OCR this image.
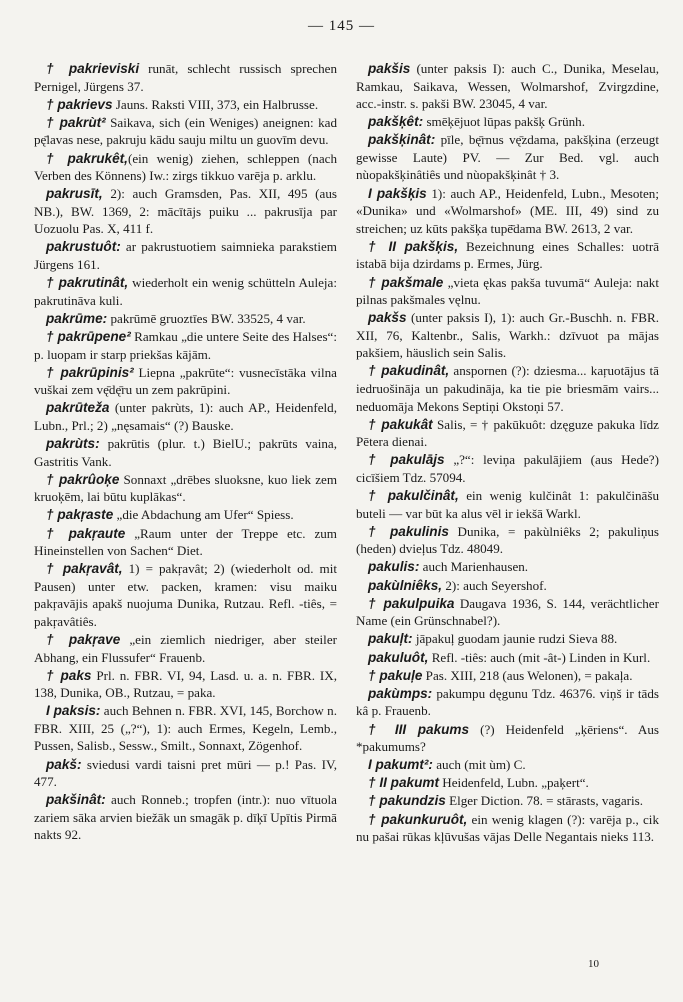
— 145 —

† pakrieviski runāt, schlecht russisch sprechen Pernigel, Jürgens 37.

† pakrievs Jauns. Raksti VIII, 373, ein Halbrusse.

† pakrùt² Saikava, sich (ein Weniges) aneignen: kad pę̄lavas nese, pakruju kādu sauju miltu un guovīm devu.

† pakrukêt,(ein wenig) ziehen, schleppen (nach Verben des Könnens) Iw.: zirgs tikkuo varēja p. arklu.

pakrusīt, 2): auch Gramsden, Pas. XII, 495 (aus NB.), BW. 1369, 2: mācītājs puiku ... pakrusīja par Uozuolu Pas. X, 411 f.

pakrustuôt: ar pakrustuotiem saimnieka parakstiem Jürgens 161.

† pakrutinât, wiederholt ein wenig schütteln Auleja: pakrutināva kuli.

pakrūme: pakrūmē gruoztīes BW. 33525, 4 var.

† pakrūpene² Ramkau „die untere Seite des Halses“: p. luopam ir starp priekšas kājām.

† pakrūpinis² Liepna „pakrūte“: vusnecīstāka vilna vuškai zem vę̄dę̄ru un zem pakrūpini.

pakrūteža (unter pakrùts, 1): auch AP., Heidenfeld, Lubn., Prl.; 2) „nęsamais“ (?) Bauske.

pakrùts: pakrūtis (plur. t.) BielU.; pakrūts vaina, Gastritis Vank.

† pakrûoķe Sonnaxt „drēbes sluoksne, kuo liek zem kruoķēm, lai būtu kuplākas“.

† pakŗaste „die Abdachung am Ufer“ Spiess.

† pakŗaute „Raum unter der Treppe etc. zum Hineinstellen von Sachen“ Diet.

† pakŗavât, 1) = pakŗavât; 2) (wiederholt od. mit Pausen) unter etw. packen, kramen: visu maiku pakŗavājis apakš nuojuma Dunika, Rutzau. Refl. -tiês, = pakŗavâtiês.

† pakŗave „ein ziemlich niedriger, aber steiler Abhang, ein Flussufer“ Frauenb.

† paks Prl. n. FBR. VI, 94, Lasd. u. a. n. FBR. IX, 138, Dunika, OB., Rutzau, = paka.

I paksis: auch Behnen n. FBR. XVI, 145, Borchow n. FBR. XIII, 25 („?“), 1): auch Ermes, Kegeln, Lemb., Pussen, Salisb., Sessw., Smilt., Sonnaxt, Zögenhof.

pakš: sviedusi vardi taisni pret mūri — p.! Pas. IV, 477.

pakšinât: auch Ronneb.; tropfen (intr.): nuo vītuola zariem sāka arvien biežāk un smagāk p. dīķī Upītis Pirmā nakts 92.

pakšis (unter paksis I): auch C., Dunika, Meselau, Ramkau, Saikava, Wessen, Wolmarshof, Zvirgzdine, acc.-instr. s. pakši BW. 23045, 4 var.

pakšķêt: smēķējuot lūpas pakšķ Grünh.

pakšķinât: pīle, bę̄rnus vę̄zdama, pakšķina (erzeugt gewisse Laute) PV. — Zur Bed. vgl. auch nùopakšķinâtiês und nùopakšķinât † 3.

I pakšķis 1): auch AP., Heidenfeld, Lubn., Mesoten; «Dunika» und «Wolmarshof» (ME. III, 49) sind zu streichen; uz kūts pakšķa tupē̄dama BW. 2613, 2 var.

† II pakšķis, Bezeichnung eines Schalles: uotrā istabā bija dzirdams p. Ermes, Jürg.

† pakšmale „vieta ękas pakša tuvumā“ Auleja: nakt pilnas pakšmales vęlnu.

pakšs (unter paksis I), 1): auch Gr.-Buschh. n. FBR. XII, 76, Kaltenbr., Salis, Warkh.: dzīvuot pa mājas pakšiem, häuslich sein Salis.

† pakudinât, anspornen (?): dziesma... kaŗuotājus tā iedruošināja un pakudināja, ka tie pie briesmām vairs... neduomāja Mekons Septiņi Okstoņi 57.

† pakukât Salis, = † pakūkuôt: dzęguze pakuka līdz Pētera dienai.

† pakulājs „?“: leviņa pakulājiem (aus Hede?) cicīšiem Tdz. 57094.

† pakulčinât, ein wenig kulčinât 1: pakulčināšu buteli — var būt ka alus vēl ir iekšā Warkl.

† pakulinis Dunika, = pakùlniêks 2; pakuliņus (heden) dvieļus Tdz. 48049.

pakulis: auch Marienhausen.

pakùlniêks, 2): auch Seyershof.

† pakulpuika Daugava 1936, S. 144, verächtlicher Name (ein Grünschnabel?).

pakuļt: jāpakuļ guodam jaunie rudzi Sieva 88.

pakuluôt, Refl. -tiês: auch (mit -ât-) Linden in Kurl.

† pakuļe Pas. XIII, 218 (aus Welonen), = pakaļa.

pakùmps: pakumpu dęgunu Tdz. 46376. viņš ir tāds kâ p. Frauenb.

† III pakums (?) Heidenfeld „ķēriens“. Aus *pakumums?

I pakumt²: auch (mit ùm) C.

† II pakumt Heidenfeld, Lubn. „paķert“.

† pakundzis Elger Diction. 78. = stārasts, vagaris.

† pakunkuruôt, ein wenig klagen (?): varēja p., cik nu pašai rūkas kļūvušas vājas Delle Negantais nieks 113.

10
